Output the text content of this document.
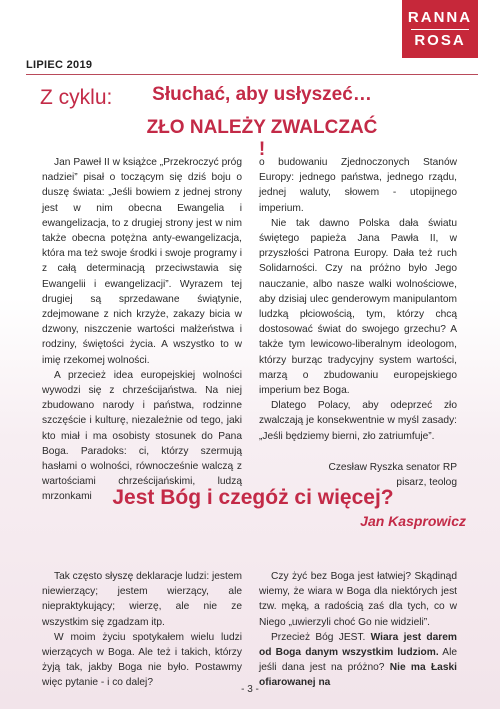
RANNA
ROSA
LIPIEC 2019
Z cyklu:	Słuchać, aby usłyszeć…
ZŁO NALEŻY ZWALCZAĆ !

Jan Paweł II w książce „Przekroczyć próg nadziei” pisał o toczącym się dziś boju o duszę świata: „Jeśli bowiem z jednej strony jest w nim obecna Ewangelia i ewangelizacja, to z drugiej strony jest w nim także obecna potężna anty-ewangelizacja, która ma też swoje środki i swoje programy i z całą determinacją przeciwstawia się Ewangelii i ewangelizacji”. Wyrazem tej drugiej są sprzedawane świątynie, zdejmowane z nich krzyże, zakazy bicia w dzwony, niszczenie wartości małżeństwa i rodziny, świętości życia. A wszystko to w imię rzekomej wolności.

A przecież idea europejskiej wolności wywodzi się z chrześcijaństwa. Na niej zbudowano narody i państwa, rodzinne szczęście i kulturę, niezależnie od tego, jaki kto miał i ma osobisty stosunek do Pana Boga. Paradoks: ci, którzy szermują hasłami o wolności, równocześnie walczą z wartościami chrześcijańskimi, ludzą mrzonkami

o budowaniu Zjednoczonych Stanów Europy: jednego państwa, jednego rządu, jednej waluty, słowem - utopijnego imperium.

Nie tak dawno Polska dała światu świętego papieża Jana Pawła II, w przyszłości Patrona Europy. Dała też ruch Solidarności. Czy na próżno było Jego nauczanie, albo nasze walki wolnościowe, aby dzisiaj ulec genderowym manipulantom ludzką płciowością, tym, którzy chcą dostosować świat do swojego grzechu? A także tym lewicowo-liberalnym ideologom, którzy burząc tradycyjny system wartości, marzą o zbudowaniu europejskiego imperium bez Boga.

Dlatego Polacy, aby odeprzeć zło zwalczają je konsekwentnie w myśl zasady: „Jeśli będziemy bierni, zło zatriumfuje”.

Czesław Ryszka senator RP
pisarz, teolog
Jest Bóg i czegóż ci więcej?
Jan Kasprowicz

Tak często słyszę deklaracje ludzi: jestem niewierzący; jestem wierzący, ale niepraktykujący; wierzę, ale nie ze wszystkim się zgadzam itp.

W moim życiu spotykałem wielu ludzi wierzących w Boga. Ale też i takich, którzy żyją tak, jakby Boga nie było. Postawmy więc pytanie - i co dalej?

Czy żyć bez Boga jest łatwiej? Skądinąd wiemy, że wiara w Boga dla niektórych jest tzw. męką, a radością zaś dla tych, co w Niego „uwierzyli choć Go nie widzieli”.

Przecież Bóg JEST. Wiara jest darem od Boga danym wszystkim ludziom. Ale jeśli dana jest na próżno? Nie ma Łaski ofiarowanej na

- 3 -
